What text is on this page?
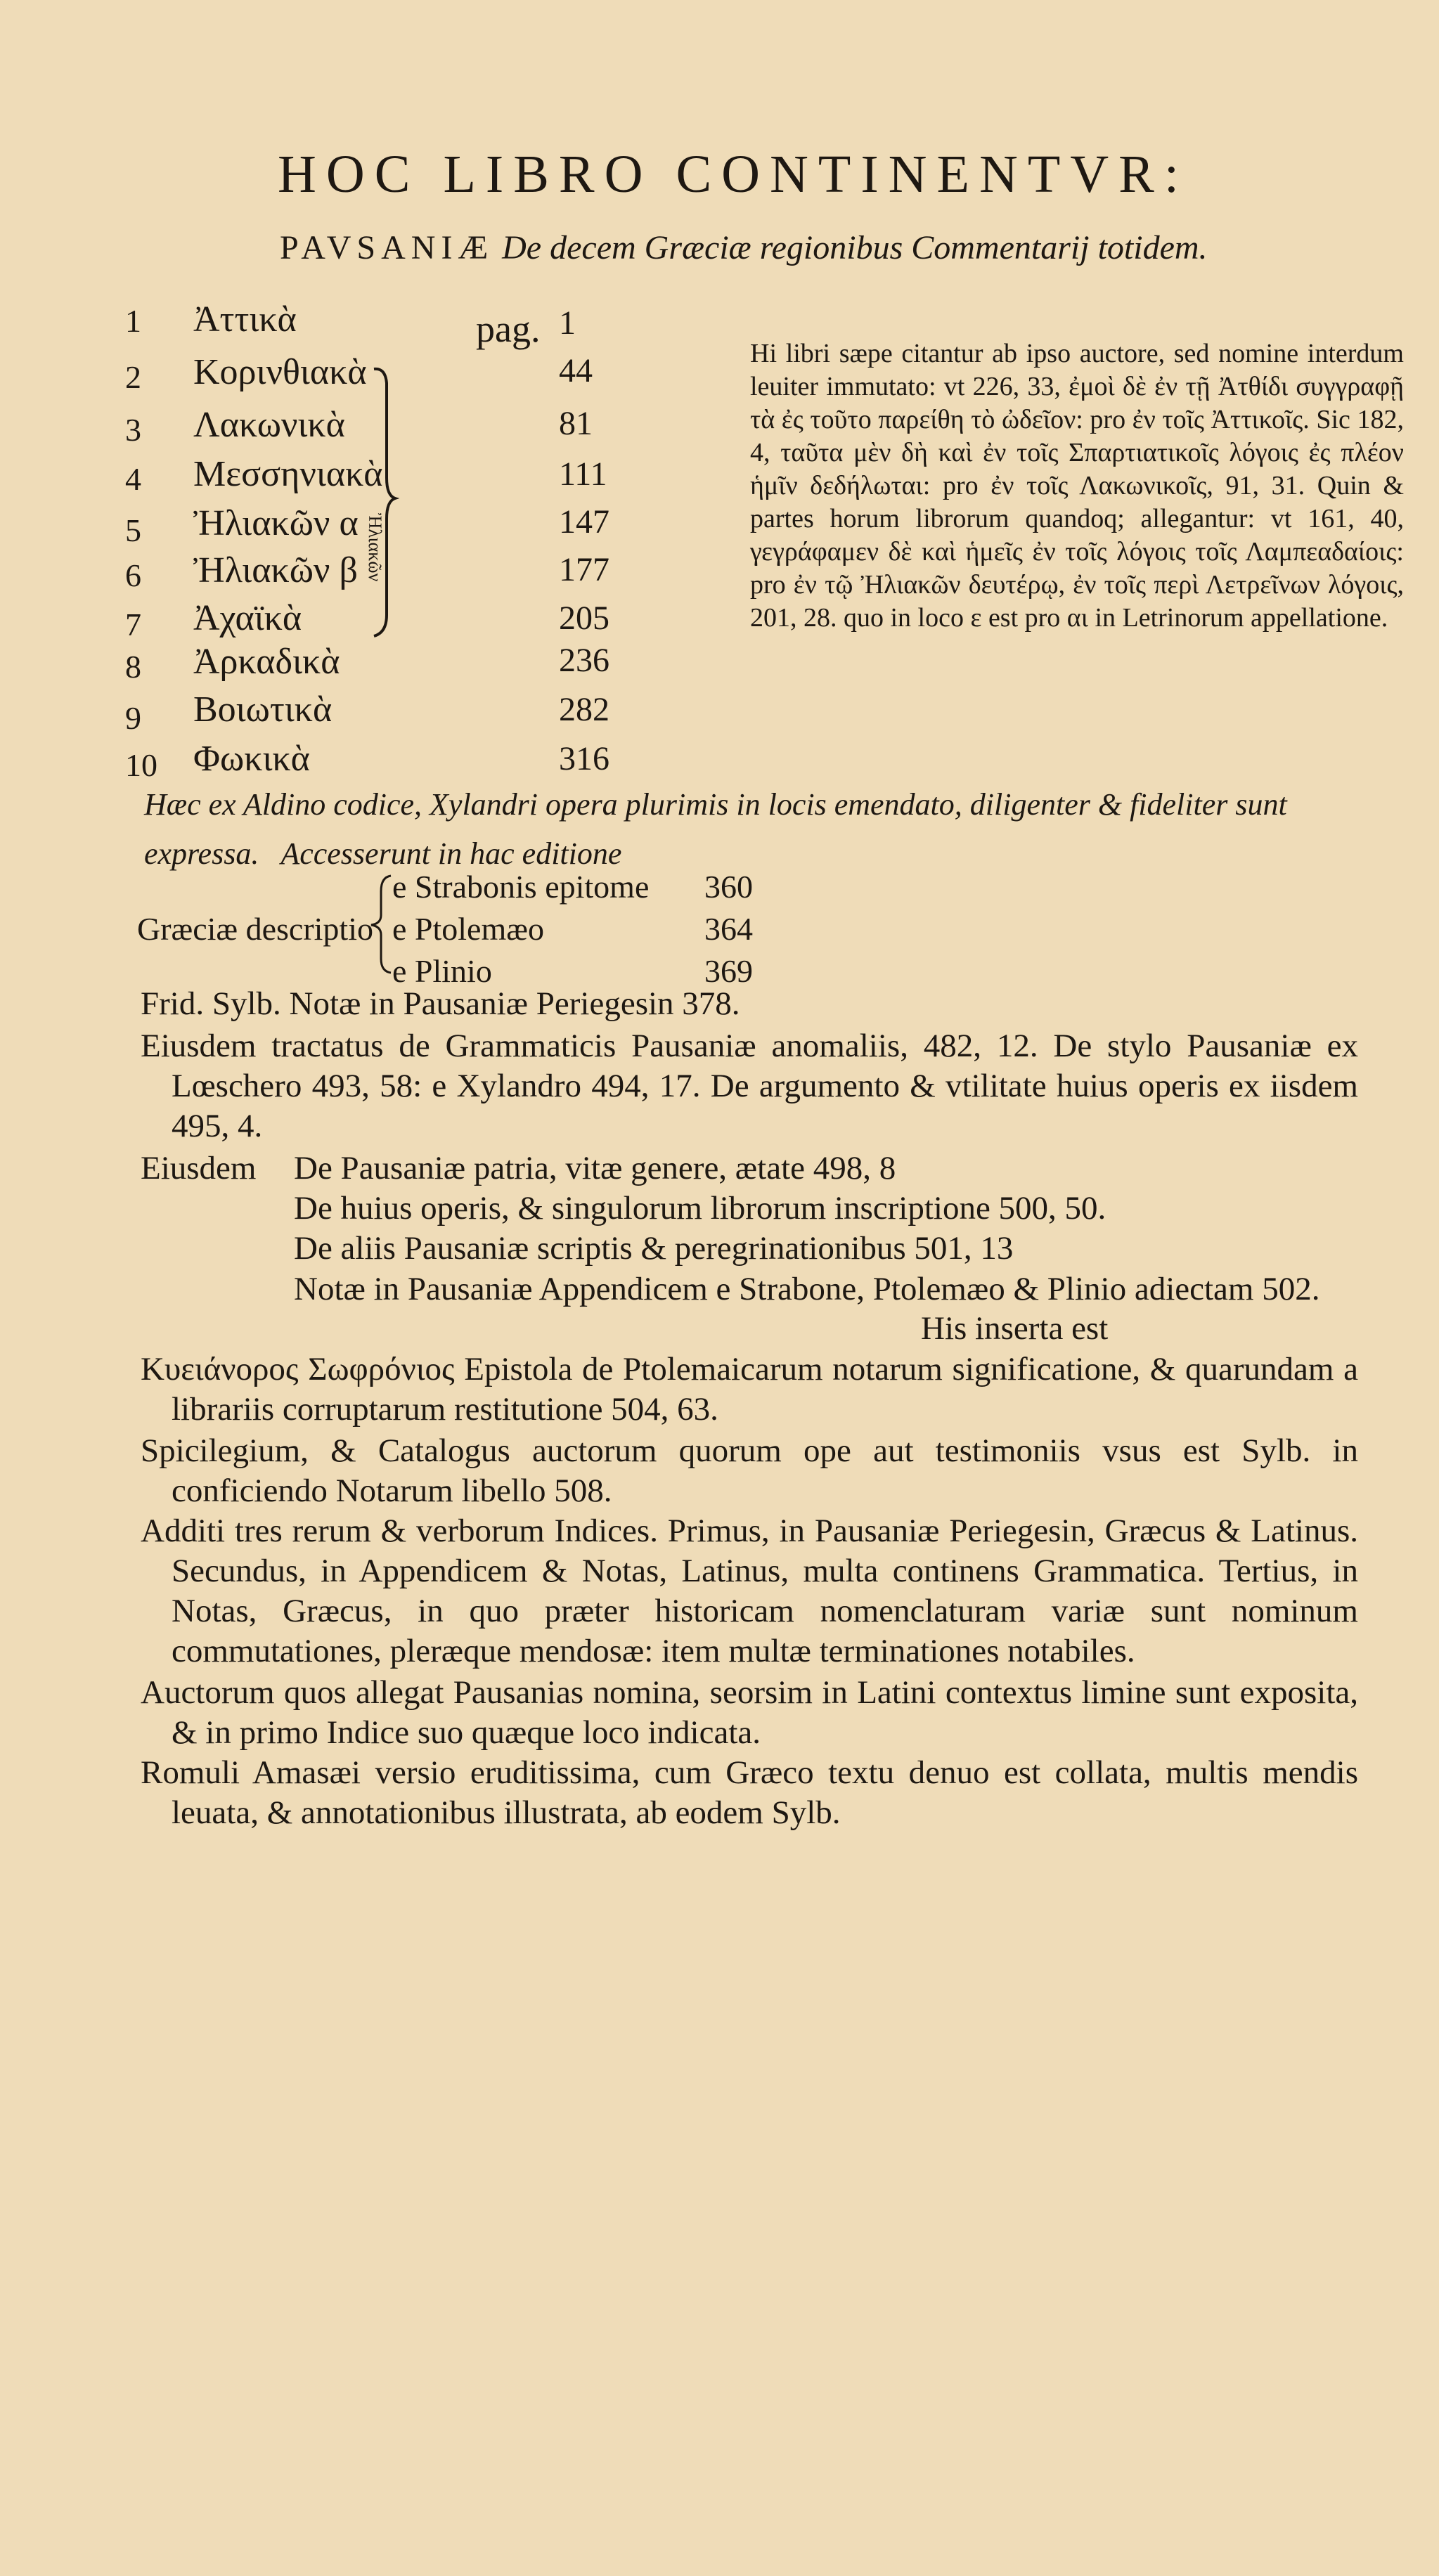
HOC LIBRO CONTINENTVR:
PAVSANIÆ De decem Græciæ regionibus Commentarij totidem.
pag.
1 Ἀττικὰ	1
2 Κορινθιακὰ	44
3 Λακωνικὰ	81
4 Μεσσηνιακὰ	111
5 Ἠλιακῶν α	147
6 Ἠλιακῶν β	177
7 Ἀχαϊκὰ	205
8 Ἀρκαδικὰ	236
9 Βοιωτικὰ	282
10 Φωκικὰ	316
Ἠλιακῶν

Hi libri sæpe citantur ab ipso auctore, sed nomine interdum leuiter immutato: vt 226, 33, ἐμοὶ δὲ ἐν τῇ Ἀτθίδι συγγραφῇ τὰ ἐς τοῦτο παρείθη τὸ ὠδεῖον: pro ἐν τοῖς Ἀττικοῖς. Sic 182, 4, ταῦτα μὲν δὴ καὶ ἐν τοῖς Σπαρτιατικοῖς λόγοις ἐς πλέον ἡμῖν δεδήλωται: pro ἐν τοῖς Λακωνικοῖς, 91, 31. Quin & partes horum librorum quandoq; allegantur: vt 161, 40, γεγράφαμεν δὲ καὶ ἡμεῖς ἐν τοῖς λόγοις τοῖς Λαμπεαδαίοις: pro ἐν τῷ Ἠλιακῶν δευτέρῳ, ἐν τοῖς περὶ Λετρεῖνων λόγοις, 201, 28. quo in loco ε est pro αι in Letrinorum appellatione.

Hæc ex Aldino codice, Xylandri opera plurimis in locis emendato, diligenter & fideliter sunt expressa. Accesserunt in hac editione

Græciæ descriptio
e Strabonis epitome 360
e Ptolemæo	364
e Plinio	369

Frid. Sylb. Notæ in Pausaniæ Periegesin 378.

Eiusdem tractatus de Grammaticis Pausaniæ anomaliis, 482, 12. De stylo Pausaniæ ex Lœschero 493, 58: e Xylandro 494, 17. De argumento & vtilitate huius operis ex iisdem 495, 4.

Eiusdem De Pausaniæ patria, vitæ genere, ætate 498, 8
De huius operis, & singulorum librorum inscriptione 500, 50.
De aliis Pausaniæ scriptis & peregrinationibus 501, 13

Notæ in Pausaniæ Appendicem e Strabone, Ptolemæo & Plinio adiectam 502.

His inserta est

Κυειάνορος Σωφρόνιος Epistola de Ptolemaicarum notarum significatione, & quarundam a librariis corruptarum restitutione 504, 63.

Spicilegium, & Catalogus auctorum quorum ope aut testimoniis vsus est Sylb. in conficiendo Notarum libello 508.

Additi tres rerum & verborum Indices. Primus, in Pausaniæ Periegesin, Græcus & Latinus. Secundus, in Appendicem & Notas, Latinus, multa continens Grammatica. Tertius, in Notas, Græcus, in quo præter historicam nomenclaturam variæ sunt nominum commutationes, pleræque mendosæ: item multæ terminationes notabiles.

Auctorum quos allegat Pausanias nomina, seorsim in Latini contextus limine sunt exposita, & in primo Indice suo quæque loco indicata.

Romuli Amasæi versio eruditissima, cum Græco textu denuo est collata, multis mendis leuata, & annotationibus illustrata, ab eodem Sylb.
